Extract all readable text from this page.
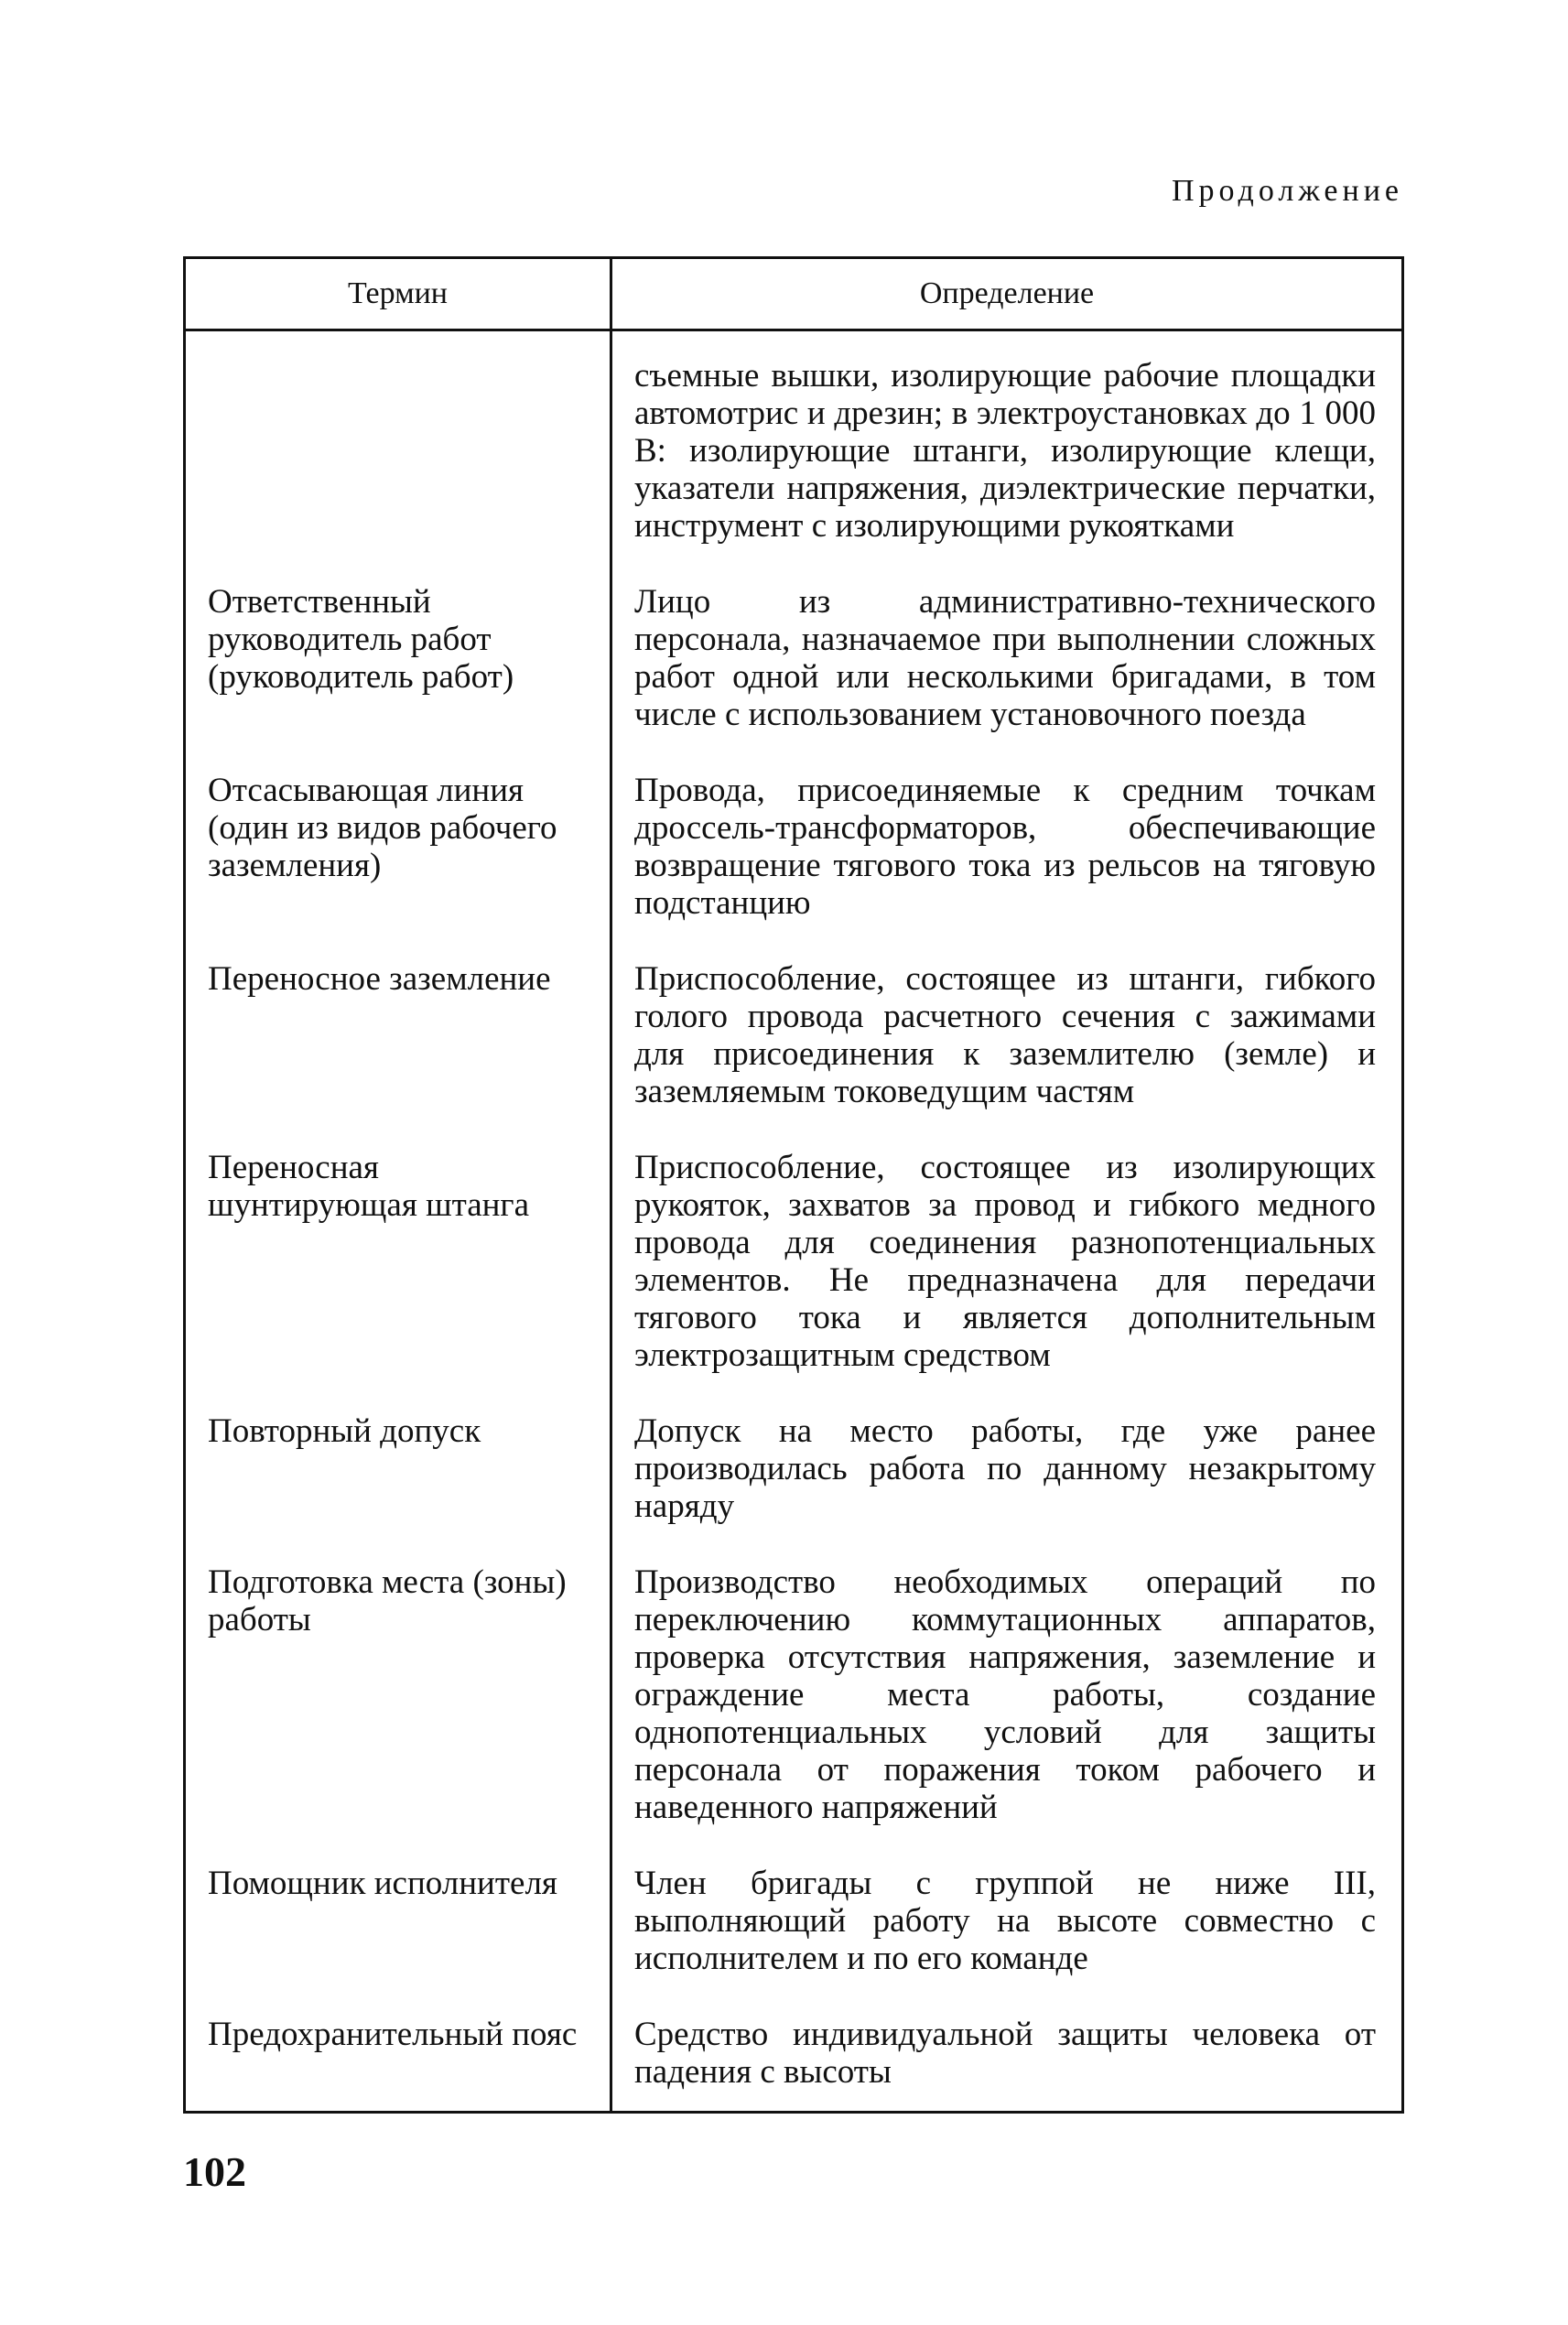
Продолжение

Термин	Определение
	съемные вышки, изолирующие рабочие площадки автомотрис и дрезин; в электроустановках до 1 000 В: изолирующие штанги, изолирующие клещи, указатели напряжения, диэлектрические перчатки, инструмент с изолирующими рукоятками
Ответственный руководитель работ (руководитель работ)	Лицо из административно-технического персонала, назначаемое при выполнении сложных работ одной или несколькими бригадами, в том числе с использованием установочного поезда
Отсасывающая линия (один из видов рабочего заземления)	Провода, присоединяемые к средним точкам дроссель-трансформаторов, обеспечивающие возвращение тягового тока из рельсов на тяговую подстанцию
Переносное заземление	Приспособление, состоящее из штанги, гибкого голого провода расчетного сечения с зажимами для присоединения к заземлителю (земле) и заземляемым токоведущим частям
Переносная шунтирующая штанга	Приспособление, состоящее из изолирующих рукояток, захватов за провод и гибкого медного провода для соединения разнопотенциальных элементов. Не предназначена для передачи тягового тока и является дополнительным электрозащитным средством
Повторный допуск	Допуск на место работы, где уже ранее производилась работа по данному незакрытому наряду
Подготовка места (зоны) работы	Производство необходимых операций по переключению коммутационных аппаратов, проверка отсутствия напряжения, заземление и ограждение места работы, создание однопотенциальных условий для защиты персонала от поражения током рабочего и наведенного напряжений
Помощник исполнителя	Член бригады с группой не ниже III, выполняющий работу на высоте совместно с исполнителем и по его команде
Предохранительный пояс	Средство индивидуальной защиты человека от падения с высоты

102
